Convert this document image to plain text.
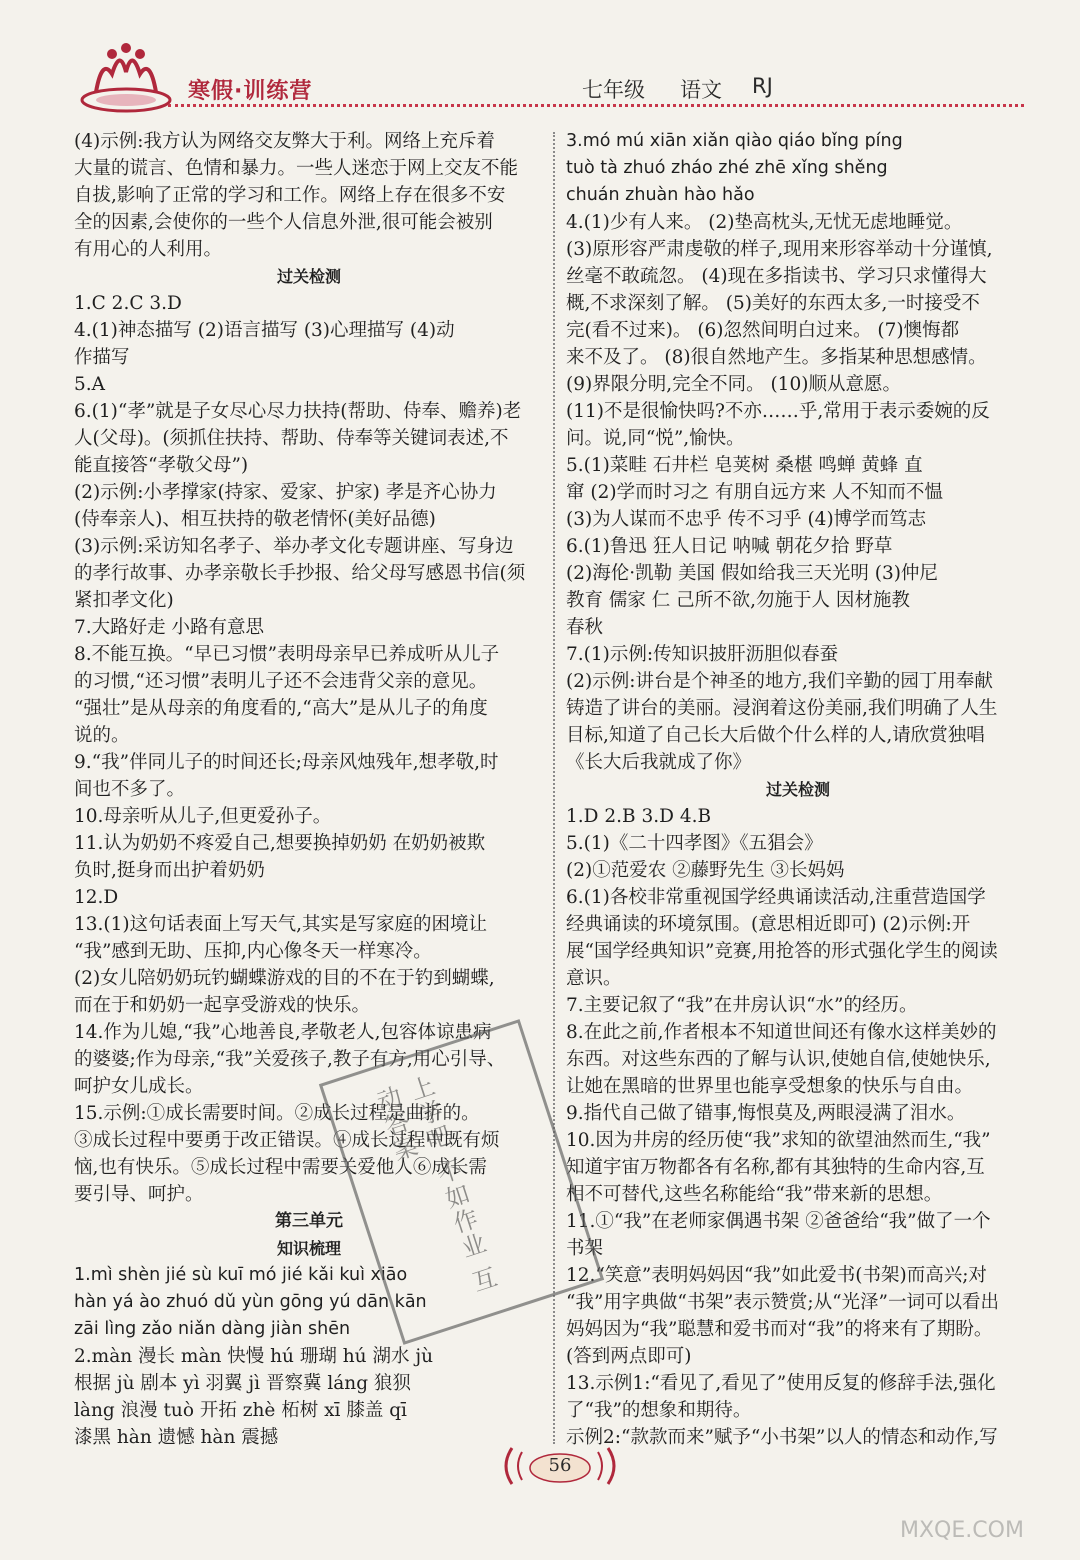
寒假·训练营	七年级 语文 RJ
(4)示例:我方认为网络交友弊大于利。网络上充斥着
大量的谎言、色情和暴力。一些人迷恋于网上交友不能
自拔,影响了正常的学习和工作。网络上存在很多不安
全的因素,会使你的一些个人信息外泄,很可能会被别
有用心的人利用。
过关检测
1.C 2.C 3.D
4.(1)神态描写 (2)语言描写 (3)心理描写 (4)动
作描写
5.A
6.(1)“孝”就是子女尽心尽力扶持(帮助、侍奉、赡养)老
人(父母)。(须抓住扶持、帮助、侍奉等关键词表述,不
能直接答“孝敬父母”)
(2)示例:小孝撑家(持家、爱家、护家) 孝是齐心协力
(侍奉亲人)、相互扶持的敬老情怀(美好品德)
(3)示例:采访知名孝子、举办孝文化专题讲座、写身边
的孝行故事、办孝亲敬长手抄报、给父母写感恩书信(须
紧扣孝文化)
7.大路好走 小路有意思
8.不能互换。“早已习惯”表明母亲早已养成听从儿子
的习惯,“还习惯”表明儿子还不会违背父亲的意见。
“强壮”是从母亲的角度看的,“高大”是从儿子的角度
说的。
9.“我”伴同儿子的时间还长;母亲风烛残年,想孝敬,时
间也不多了。
10.母亲听从儿子,但更爱孙子。
11.认为奶奶不疼爱自己,想要换掉奶奶 在奶奶被欺
负时,挺身而出护着奶奶
12.D
13.(1)这句话表面上写天气,其实是写家庭的困境让
“我”感到无助、压抑,内心像冬天一样寒冷。
(2)女儿陪奶奶玩钓蝴蝶游戏的目的不在于钓到蝴蝶,
而在于和奶奶一起享受游戏的快乐。
14.作为儿媳,“我”心地善良,孝敬老人,包容体谅患病
的婆婆;作为母亲,“我”关爱孩子,教子有方,用心引导、
呵护女儿成长。
15.示例:①成长需要时间。②成长过程是曲折的。
③成长过程中要勇于改正错误。④成长过程中既有烦
恼,也有快乐。⑤成长过程中需要关爱他人⑥成长需
要引导、呵护。
第三单元
知识梳理
1.mì shèn jié sù kuī mó jié kǎi kuì xiāo
hàn yá ào zhuó dǔ yùn gōng yú dān kān
zāi lìng zǎo niǎn dàng jiàn shēn
2.màn 漫长 màn 快慢 hú 珊瑚 hú 湖水 jù
根据 jù 剧本 yì 羽翼 jì 晋察冀 láng 狼狈
làng 浪漫 tuò 开拓 zhè 柘树 xī 膝盖 qī
漆黑 hàn 遗憾 hàn 震撼
3.mó mú xiān xiǎn qiào qiáo bǐng píng
tuò tà zhuó zháo zhé zhē xǐng shěng
chuán zhuàn hào hǎo
4.(1)少有人来。 (2)垫高枕头,无忧无虑地睡觉。
(3)原形容严肃虔敬的样子,现用来形容举动十分谨慎,
丝毫不敢疏忽。 (4)现在多指读书、学习只求懂得大
概,不求深刻了解。 (5)美好的东西太多,一时接受不
完(看不过来)。 (6)忽然间明白过来。 (7)懊悔都
来不及了。 (8)很自然地产生。多指某种思想感情。
(9)界限分明,完全不同。 (10)顺从意愿。
(11)不是很愉快吗?不亦……乎,常用于表示委婉的反
问。说,同“悦”,愉快。
5.(1)菜畦 石井栏 皂荚树 桑椹 鸣蝉 黄蜂 直
窜 (2)学而时习之 有朋自远方来 人不知而不愠
(3)为人谋而不忠乎 传不习乎 (4)博学而笃志
6.(1)鲁迅 狂人日记 呐喊 朝花夕拾 野草
(2)海伦·凯勒 美国 假如给我三天光明 (3)仲尼
教育 儒家 仁 己所不欲,勿施于人 因材施教
春秋
7.(1)示例:传知识披肝沥胆似春蚕
(2)示例:讲台是个神圣的地方,我们辛勤的园丁用奉献
铸造了讲台的美丽。浸润着这份美丽,我们明确了人生
目标,知道了自己长大后做个什么样的人,请欣赏独唱
《长大后我就成了你》
过关检测
1.D 2.B 3.D 4.B
5.(1)《二十四孝图》《五猖会》
(2)①范爱农 ②藤野先生 ③长妈妈
6.(1)各校非常重视国学经典诵读活动,注重营造国学
经典诵读的环境氛围。(意思相近即可) (2)示例:开
展“国学经典知识”竞赛,用抢答的形式强化学生的阅读
意识。
7.主要记叙了“我”在井房认识“水”的经历。
8.在此之前,作者根本不知道世间还有像水这样美妙的
东西。对这些东西的了解与认识,使她自信,使她快乐,
让她在黑暗的世界里也能享受想象的快乐与自由。
9.指代自己做了错事,悔恨莫及,两眼浸满了泪水。
10.因为井房的经历使“我”求知的欲望油然而生,“我”
知道宇宙万物都各有名称,都有其独特的生命内容,互
相不可替代,这些名称能给“我”带来新的思想。
11.①“我”在老师家偶遇书架 ②爸爸给“我”做了一个
书架
12.“笑意”表明妈妈因“我”如此爱书(书架)而高兴;对
“我”用字典做“书架”表示赞赏;从“光泽”一词可以看出
妈妈因为“我”聪慧和爱书而对“我”的将来有了期盼。
(答到两点即可)
13.示例1:“看见了,看见了”使用反复的修辞手法,强化
了“我”的想象和期待。
示例2:“款款而来”赋予“小书架”以人的情态和动作,写
上学吧 不如作业 互动答案
56
MXQE.COM
